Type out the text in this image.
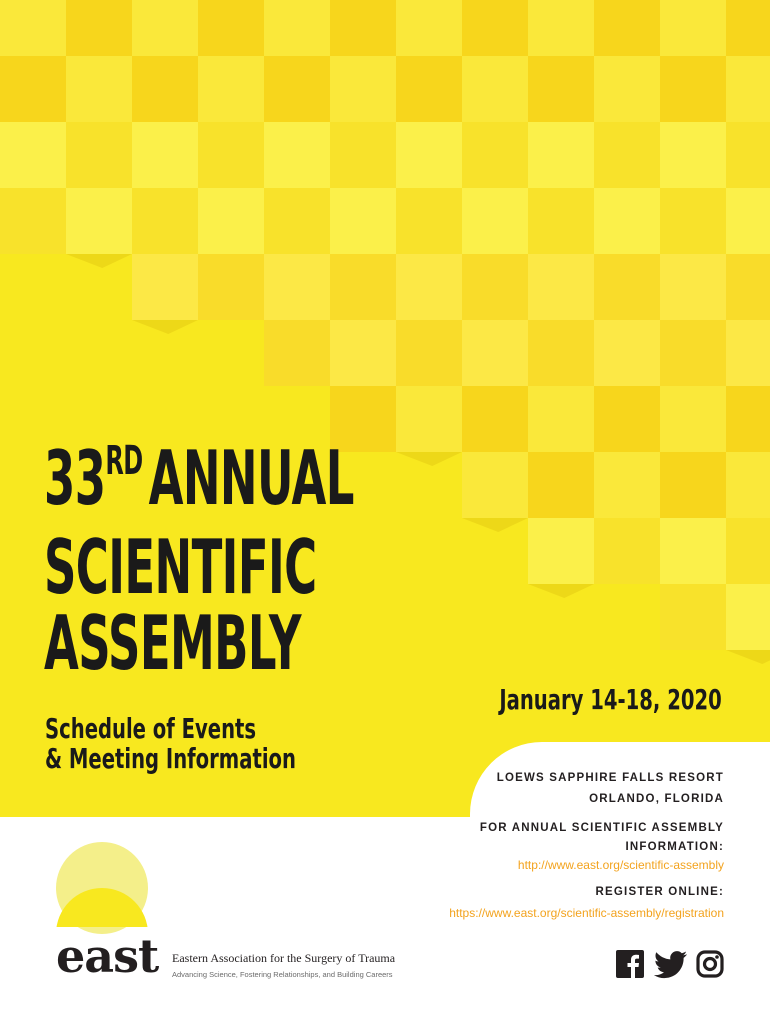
33RDANNUAL
SCIENTIFIC
ASSEMBLY
Schedule of Events
& Meeting Information
January 14-18, 2020
LOEWS SAPPHIRE FALLS RESORT
ORLANDO, FLORIDA
FOR ANNUAL SCIENTIFIC ASSEMBLY
INFORMATION:
http://www.east.org/scientific-assembly
REGISTER ONLINE:
https://www.east.org/scientific-assembly/registration
east Eastern Association for the Surgery of Trauma
Advancing Science, Fostering Relationships, and Building Careers
